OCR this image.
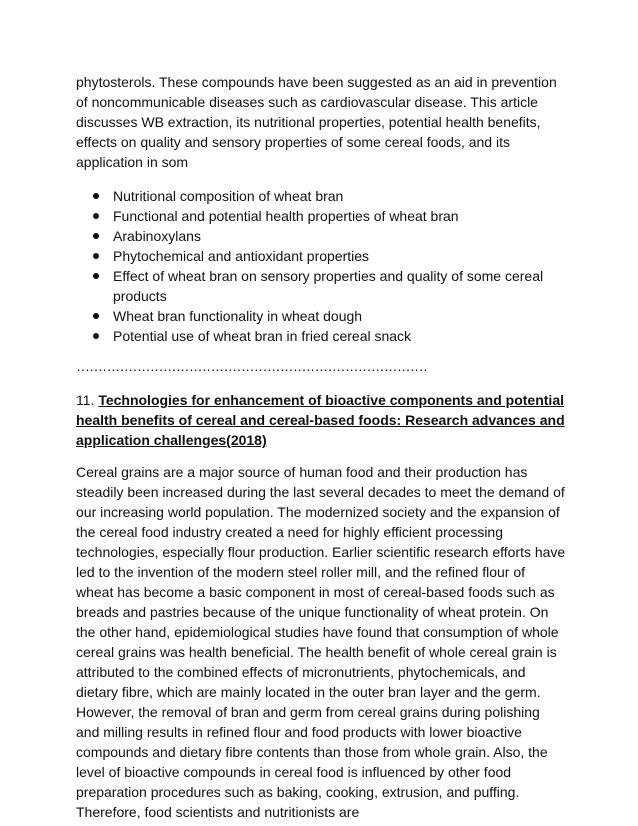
phytosterols. These compounds have been suggested as an aid in prevention of noncommunicable diseases such as cardiovascular disease. This article discusses WB extraction, its nutritional properties, potential health benefits, effects on quality and sensory properties of some cereal foods, and its application in som

Nutritional composition of wheat bran
Functional and potential health properties of wheat bran
Arabinoxylans
Phytochemical and antioxidant properties
Effect of wheat bran on sensory properties and quality of some cereal products
Wheat bran functionality in wheat dough
Potential use of wheat bran in fried cereal snack
………………………………………………………………………
11. Technologies for enhancement of bioactive components and potential health benefits of cereal and cereal-based foods: Research advances and application challenges(2018)

Cereal grains are a major source of human food and their production has steadily been increased during the last several decades to meet the demand of our increasing world population. The modernized society and the expansion of the cereal food industry created a need for highly efficient processing technologies, especially flour production. Earlier scientific research efforts have led to the invention of the modern steel roller mill, and the refined flour of wheat has become a basic component in most of cereal-based foods such as breads and pastries because of the unique functionality of wheat protein. On the other hand, epidemiological studies have found that consumption of whole cereal grains was health beneficial. The health benefit of whole cereal grain is attributed to the combined effects of micronutrients, phytochemicals, and dietary fibre, which are mainly located in the outer bran layer and the germ. However, the removal of bran and germ from cereal grains during polishing and milling results in refined flour and food products with lower bioactive compounds and dietary fibre contents than those from whole grain. Also, the level of bioactive compounds in cereal food is influenced by other food preparation procedures such as baking, cooking, extrusion, and puffing. Therefore, food scientists and nutritionists are
